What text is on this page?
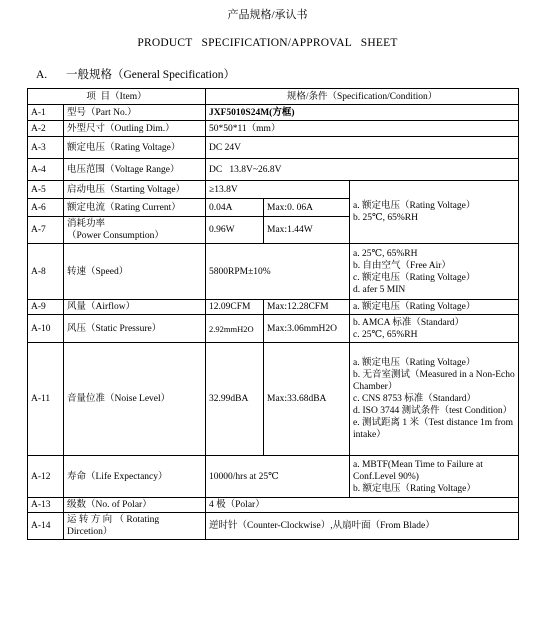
产品规格/承认书
PRODUCT   SPECIFICATION/APPROVAL   SHEET
A. 一般规格（General Specification）
项  目（Item）		规格/条件（Specification/Condition）		
A-1	型号（Part No.）	JXF5010S24M(方框)		
A-2	外型尺寸（Outling Dim.）	50*50*11（mm）		
A-3	额定电压（Rating Voltage）	DC 24V		
A-4	电压范围（Voltage Range）	DC   13.8V~26.8V		
A-5	启动电压（Starting Voltage）	≥13.8V		a. 额定电压（Rating Voltage）
b. 25℃, 65%RH

A-6	额定电流（Rating Current）	0.04A	Max:0. 06A	
A-7	消耗功率
（Power Consumption）	0.96W	Max:1.44W	
A-8	转速（Speed）	5800RPM±10%		a. 25℃, 65%RH
b. 自由空气（Free Air）
c. 额定电压（Rating Voltage）
d. afer 5 MIN

A-9	风量（Airflow）	12.09CFM	Max:12.28CFM	a. 额定电压（Rating Voltage）
A-10	风压（Static Pressure）	2.92mmH2O	Max:3.06mmH2O	b. AMCA 标准（Standard）
c. 25℃, 65%RH

A-11	音量位准（Noise Level）	32.99dBA	Max:33.68dBA	a. 额定电压（Rating Voltage）
b. 无音室测试（Measured in a Non-Echo Chamber）
c. CNS 8753 标准（Standard）
d. ISO 3744 测试条件（test Condition）
e. 测试距离 1 米（Test distance 1m from intake）

A-12	寿命（Life Expectancy）	10000/hrs at 25℃		a. MBTF(Mean Time to Failure at Conf.Level 90%)
b. 额定电压（Rating Voltage）

A-13	级数（No. of Polar）	4 极（Polar）		
A-14	运 转 方 向 （ Rotating
Dircetion）	逆时针（Counter-Clockwise）,从扇叶面（From Blade）		
